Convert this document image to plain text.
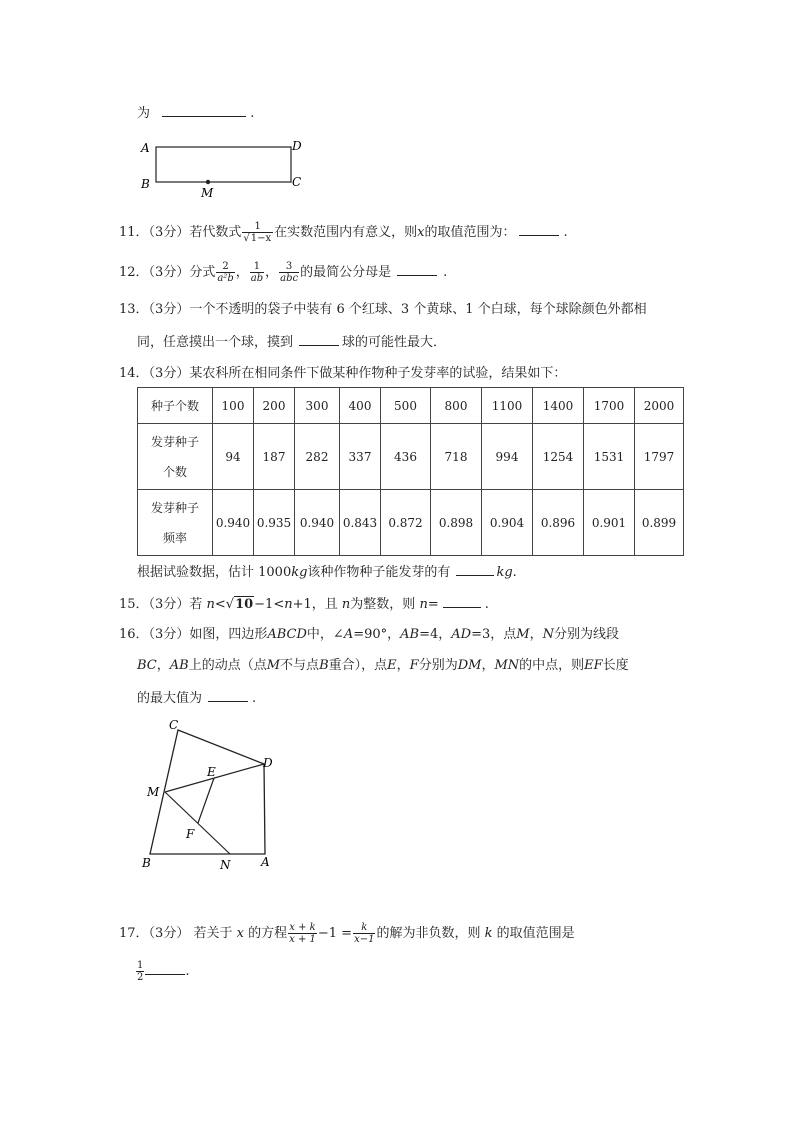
为	.
A
B
D
C
M
11．（3分）若代数式 $\frac{1}{√1-x}$ 在实数范围内有意义，则x的取值范围为：	.
12．（3分）分式 $\frac{2}{\text{a²b}}$ ， $\frac{1}{ab}$ ， $\frac{3}{\text{abc}}$ 的最简公分母是	.
13．（3分）一个不透明的袋子中装有 6 个红球、3 个黄球、1 个白球，每个球除颜色外都相
同，任意摸出一个球，摸到	球的可能性最大．
14．（3分）某农科所在相同条件下做某种作物种子发芽率的试验，结果如下：
种子个数	100	200	300	400	500	800	1100	1400	1700	2000
发芽种子
个数	94	187	282	337	436	718	994	1254	1531	1797
发芽种子
频率	0.940	0.935	0.940	0.843	0.872	0.898	0.904	0.896	0.901	0.899
根据试验数据，估计 1000kg该种作物种子能发芽的有	kg.
15．（3分）若 n<√10−1<n+1，且 n为整数，则 n=	.
16．（3分）如图，四边形ABCD中，∠A=90°，AB=4，AD=3，点M，N分别为线段
BC，AB上的动点（点M不与点B重合），点E，F分别为DM，MN的中点，则EF长度
的最大值为	.
C
D
E
M
F
B	N	A
17．（3分） 若关于 x 的方程 $\frac{x + k}{x + 1} -1 = \frac{k}{x-1}$ 的解为非负数，则 k 的取值范围是
$\frac{1}{2}$	.
